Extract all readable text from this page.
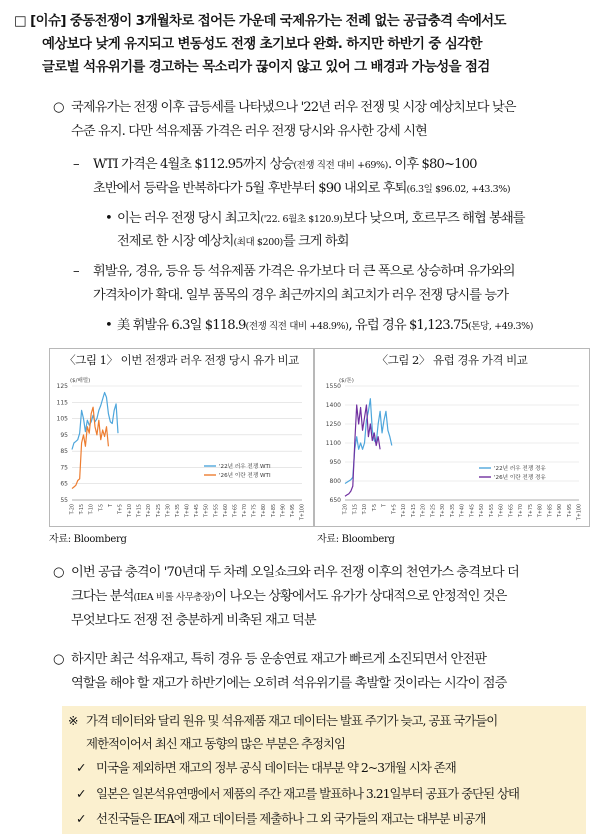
□ [이슈] 중동전쟁이 3개월차로 접어든 가운데 국제유가는 전례 없는 공급충격 속에서도
예상보다 낮게 유지되고 변동성도 전쟁 초기보다 완화. 하지만 하반기 중 심각한
글로벌 석유위기를 경고하는 목소리가 끊이지 않고 있어 그 배경과 가능성을 점검
○ 국제유가는 전쟁 이후 급등세를 나타냈으나 '22년 러우 전쟁 및 시장 예상치보다 낮은
수준 유지. 다만 석유제품 가격은 러우 전쟁 당시와 유사한 강세 시현
– WTI 가격은 4월초 $112.95까지 상승(전쟁 직전 대비 +69%). 이후 $80~100
초반에서 등락을 반복하다가 5월 후반부터 $90 내외로 후퇴(6.3일 $96.02, +43.3%)
• 이는 러우 전쟁 당시 최고치('22. 6월초 $120.9)보다 낮으며, 호르무즈 해협 봉쇄를
전제로 한 시장 예상치(최대 $200)를 크게 하회
– 휘발유, 경유, 등유 등 석유제품 가격은 유가보다 더 큰 폭으로 상승하며 유가와의
가격차이가 확대. 일부 품목의 경우 최근까지의 최고치가 러우 전쟁 당시를 능가
• 美 휘발유 6.3일 $118.9(전쟁 직전 대비 +48.9%), 유럽 경유 $1,123.75(톤당, +49.3%)
〈그림 1〉 이번 전쟁과 러우 전쟁 당시 유가 비교
($/배럴)
125
115
105
95
85
75
65
55
T-20 T-15 T-10 T-5 T T+5 T+10 T+15 T+20 T+25 T+30 T+35 T+40 T+45 T+50 T+55 T+60 T+65 T+70 T+75 T+80 T+85 T+90 T+95 T+100
'22년 러우 전쟁 WTI
'26년 이란 전쟁 WTI
자료: Bloomberg
〈그림 2〉 유럽 경유 가격 비교
($/톤)
1550
1400
1250
1100
950
800
650
T-20 T-15 T-10 T-5 T T+5 T+10 T+15 T+20 T+25 T+30 T+35 T+40 T+45 T+50 T+55 T+60 T+65 T+70 T+75 T+80 T+85 T+90 T+95 T+100
'22년 러우 전쟁 경유
'26년 이란 전쟁 경유
자료: Bloomberg
○ 이번 공급 충격이 '70년대 두 차례 오일쇼크와 러우 전쟁 이후의 천연가스 충격보다 더
크다는 분석(IEA 비롤 사무총장)이 나오는 상황에서도 유가가 상대적으로 안정적인 것은
무엇보다도 전쟁 전 충분하게 비축된 재고 덕분
○ 하지만 최근 석유재고, 특히 경유 등 운송연료 재고가 빠르게 소진되면서 안전판
역할을 해야 할 재고가 하반기에는 오히려 석유위기를 촉발할 것이라는 시각이 점증
※ 가격 데이터와 달리 원유 및 석유제품 재고 데이터는 발표 주기가 늦고, 공표 국가들이
제한적이어서 최신 재고 동향의 많은 부분은 추정치임
✓ 미국을 제외하면 재고의 정부 공식 데이터는 대부분 약 2~3개월 시차 존재
✓ 일본은 일본석유연맹에서 제품의 주간 재고를 발표하나 3.21일부터 공표가 중단된 상태
✓ 선진국들은 IEA에 재고 데이터를 제출하나 그 외 국가들의 재고는 대부분 비공개
